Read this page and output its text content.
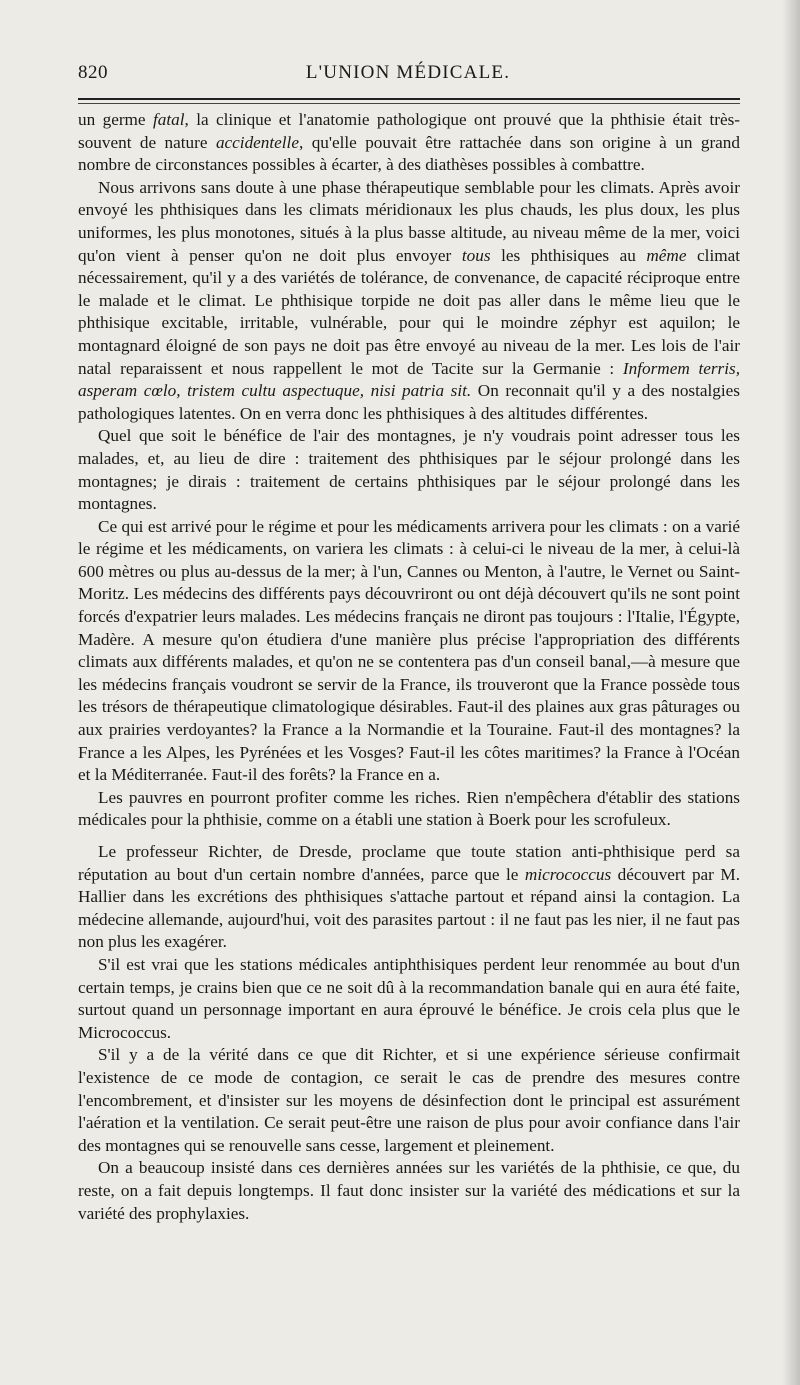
820	L'UNION MÉDICALE.

un germe fatal, la clinique et l'anatomie pathologique ont prouvé que la phthisie était très-souvent de nature accidentelle, qu'elle pouvait être rattachée dans son origine à un grand nombre de circonstances possibles à écarter, à des diathèses possibles à combattre.

Nous arrivons sans doute à une phase thérapeutique semblable pour les climats. Après avoir envoyé les phthisiques dans les climats méridionaux les plus chauds, les plus doux, les plus uniformes, les plus monotones, situés à la plus basse altitude, au niveau même de la mer, voici qu'on vient à penser qu'on ne doit plus envoyer tous les phthisiques au même climat nécessairement, qu'il y a des variétés de tolérance, de convenance, de capacité réciproque entre le malade et le climat. Le phthisique torpide ne doit pas aller dans le même lieu que le phthisique excitable, irritable, vulnérable, pour qui le moindre zéphyr est aquilon; le montagnard éloigné de son pays ne doit pas être envoyé au niveau de la mer. Les lois de l'air natal reparaissent et nous rappellent le mot de Tacite sur la Germanie : Informem terris, asperam cœlo, tristem cultu aspectuque, nisi patria sit. On reconnait qu'il y a des nostalgies pathologiques latentes. On en verra donc les phthisiques à des altitudes différentes.

Quel que soit le bénéfice de l'air des montagnes, je n'y voudrais point adresser tous les malades, et, au lieu de dire : traitement des phthisiques par le séjour prolongé dans les montagnes; je dirais : traitement de certains phthisiques par le séjour prolongé dans les montagnes.

Ce qui est arrivé pour le régime et pour les médicaments arrivera pour les climats : on a varié le régime et les médicaments, on variera les climats : à celui-ci le niveau de la mer, à celui-là 600 mètres ou plus au-dessus de la mer; à l'un, Cannes ou Menton, à l'autre, le Vernet ou Saint-Moritz. Les médecins des différents pays découvriront ou ont déjà découvert qu'ils ne sont point forcés d'expatrier leurs malades. Les médecins français ne diront pas toujours : l'Italie, l'Égypte, Madère. A mesure qu'on étudiera d'une manière plus précise l'appropriation des différents climats aux différents malades, et qu'on ne se contentera pas d'un conseil banal,—à mesure que les médecins français voudront se servir de la France, ils trouveront que la France possède tous les trésors de thérapeutique climatologique désirables. Faut-il des plaines aux gras pâturages ou aux prairies verdoyantes? la France a la Normandie et la Touraine. Faut-il des montagnes? la France a les Alpes, les Pyrénées et les Vosges? Faut-il les côtes maritimes? la France à l'Océan et la Méditerranée. Faut-il des forêts? la France en a.

Les pauvres en pourront profiter comme les riches. Rien n'empêchera d'établir des stations médicales pour la phthisie, comme on a établi une station à Boerk pour les scrofuleux.

Le professeur Richter, de Dresde, proclame que toute station anti-phthisique perd sa réputation au bout d'un certain nombre d'années, parce que le micrococcus découvert par M. Hallier dans les excrétions des phthisiques s'attache partout et répand ainsi la contagion. La médecine allemande, aujourd'hui, voit des parasites partout : il ne faut pas les nier, il ne faut pas non plus les exagérer.

S'il est vrai que les stations médicales antiphthisiques perdent leur renommée au bout d'un certain temps, je crains bien que ce ne soit dû à la recommandation banale qui en aura été faite, surtout quand un personnage important en aura éprouvé le bénéfice. Je crois cela plus que le Micrococcus.

S'il y a de la vérité dans ce que dit Richter, et si une expérience sérieuse confirmait l'existence de ce mode de contagion, ce serait le cas de prendre des mesures contre l'encombrement, et d'insister sur les moyens de désinfection dont le principal est assurément l'aération et la ventilation. Ce serait peut-être une raison de plus pour avoir confiance dans l'air des montagnes qui se renouvelle sans cesse, largement et pleinement.

On a beaucoup insisté dans ces dernières années sur les variétés de la phthisie, ce que, du reste, on a fait depuis longtemps. Il faut donc insister sur la variété des médications et sur la variété des prophylaxies.
